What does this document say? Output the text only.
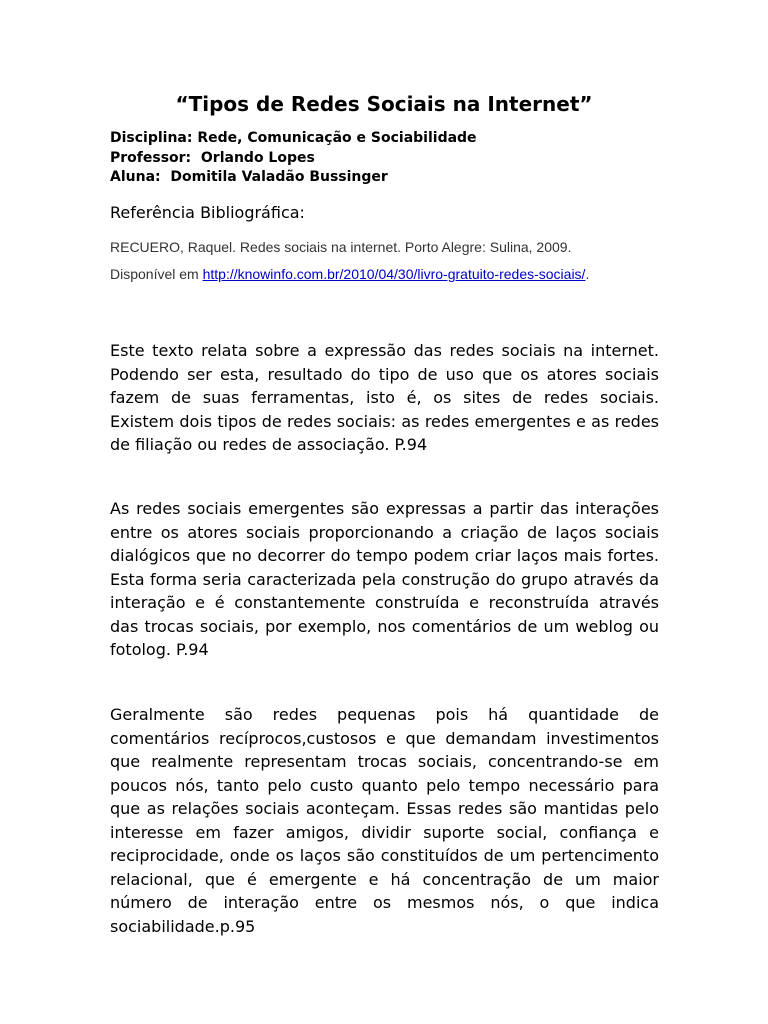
“Tipos de Redes Sociais na Internet”
Disciplina: Rede, Comunicação e Sociabilidade
Professor:  Orlando Lopes
Aluna:  Domitila Valadão Bussinger
Referência Bibliográfica:
RECUERO, Raquel. Redes sociais na internet. Porto Alegre: Sulina, 2009.
Disponível em http://knowinfo.com.br/2010/04/30/livro-gratuito-redes-sociais/.

Este texto relata sobre a expressão das redes sociais na internet. Podendo ser esta, resultado do tipo de uso que os atores sociais fazem de suas ferramentas, isto é, os sites de redes sociais. Existem dois tipos de redes sociais: as redes emergentes e as redes de filiação ou redes de associação. P.94

As redes sociais emergentes são expressas a partir das interações entre os atores sociais proporcionando a criação de laços sociais dialógicos que no decorrer do tempo podem criar laços mais fortes. Esta forma seria caracterizada pela construção do grupo através da interação e é constantemente construída e reconstruída através das trocas sociais, por exemplo, nos comentários de um weblog ou fotolog. P.94

Geralmente são redes pequenas pois há quantidade de comentários recíprocos,custosos e que demandam investimentos que realmente representam trocas sociais, concentrando-se em poucos nós, tanto pelo custo quanto pelo tempo necessário para que as relações sociais aconteçam. Essas redes são mantidas pelo interesse em fazer amigos, dividir suporte social, confiança e reciprocidade, onde os laços são constituídos de um pertencimento relacional, que é emergente e há concentração de um maior número de interação entre os mesmos nós, o que indica sociabilidade.p.95
